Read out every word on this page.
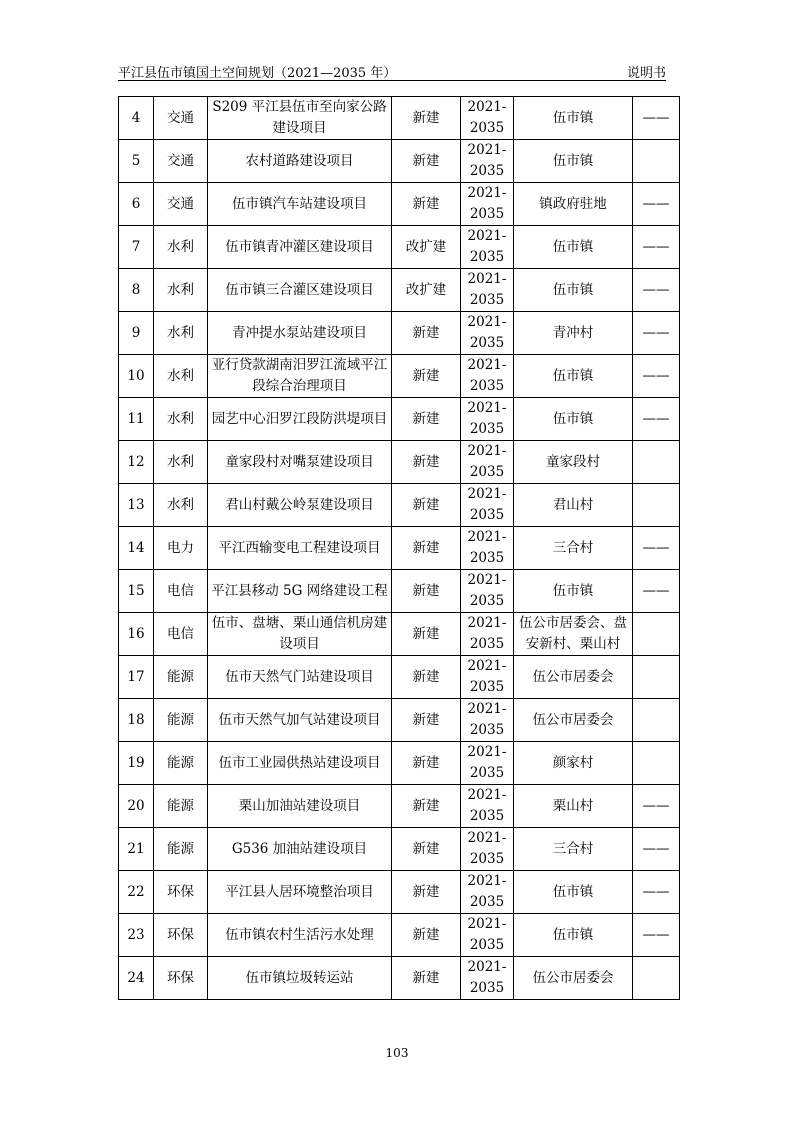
平江县伍市镇国土空间规划（2021—2035 年）	说明书
4	交通	S209 平江县伍市至向家公路建设项目	新建	2021-2035	伍市镇	——
5	交通	农村道路建设项目	新建	2021-2035	伍市镇	
6	交通	伍市镇汽车站建设项目	新建	2021-2035	镇政府驻地	——
7	水利	伍市镇青冲灌区建设项目	改扩建	2021-2035	伍市镇	——
8	水利	伍市镇三合灌区建设项目	改扩建	2021-2035	伍市镇	——
9	水利	青冲提水泵站建设项目	新建	2021-2035	青冲村	——
10	水利	亚行贷款湖南汨罗江流域平江段综合治理项目	新建	2021-2035	伍市镇	——
11	水利	园艺中心汨罗江段防洪堤项目	新建	2021-2035	伍市镇	——
12	水利	童家段村对嘴泵建设项目	新建	2021-2035	童家段村	
13	水利	君山村戴公岭泵建设项目	新建	2021-2035	君山村	
14	电力	平江西输变电工程建设项目	新建	2021-2035	三合村	——
15	电信	平江县移动 5G 网络建设工程	新建	2021-2035	伍市镇	——
16	电信	伍市、盘塘、栗山通信机房建设项目	新建	2021-2035	伍公市居委会、盘安新村、栗山村	
17	能源	伍市天然气门站建设项目	新建	2021-2035	伍公市居委会	
18	能源	伍市天然气加气站建设项目	新建	2021-2035	伍公市居委会	
19	能源	伍市工业园供热站建设项目	新建	2021-2035	颜家村	
20	能源	栗山加油站建设项目	新建	2021-2035	栗山村	——
21	能源	G536 加油站建设项目	新建	2021-2035	三合村	——
22	环保	平江县人居环境整治项目	新建	2021-2035	伍市镇	——
23	环保	伍市镇农村生活污水处理	新建	2021-2035	伍市镇	——
24	环保	伍市镇垃圾转运站	新建	2021-2035	伍公市居委会	
103
